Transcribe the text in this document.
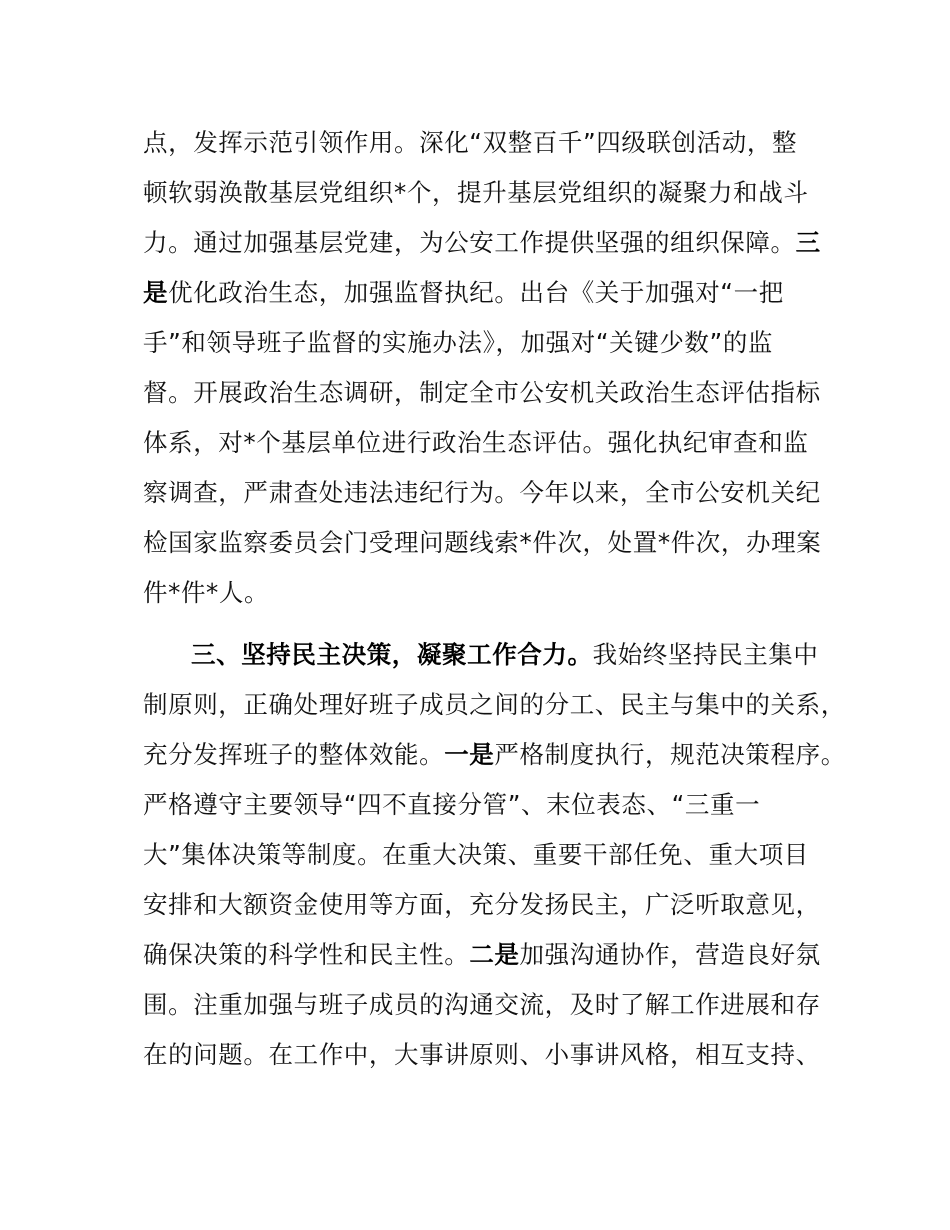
点，发挥示范引领作用。深化“双整百千”四级联创活动，整
顿软弱涣散基层党组织*个，提升基层党组织的凝聚力和战斗
力。通过加强基层党建，为公安工作提供坚强的组织保障。三
是优化政治生态，加强监督执纪。出台《关于加强对“一把
手”和领导班子监督的实施办法》，加强对“关键少数”的监
督。开展政治生态调研，制定全市公安机关政治生态评估指标
体系，对*个基层单位进行政治生态评估。强化执纪审查和监
察调查，严肃查处违法违纪行为。今年以来，全市公安机关纪
检国家监察委员会门受理问题线索*件次，处置*件次，办理案
件*件*人。
三、坚持民主决策，凝聚工作合力。我始终坚持民主集中
制原则，正确处理好班子成员之间的分工、民主与集中的关系，
充分发挥班子的整体效能。一是严格制度执行，规范决策程序。
严格遵守主要领导“四不直接分管”、末位表态、“三重一
大”集体决策等制度。在重大决策、重要干部任免、重大项目
安排和大额资金使用等方面，充分发扬民主，广泛听取意见，
确保决策的科学性和民主性。二是加强沟通协作，营造良好氛
围。注重加强与班子成员的沟通交流，及时了解工作进展和存
在的问题。在工作中，大事讲原则、小事讲风格，相互支持、
